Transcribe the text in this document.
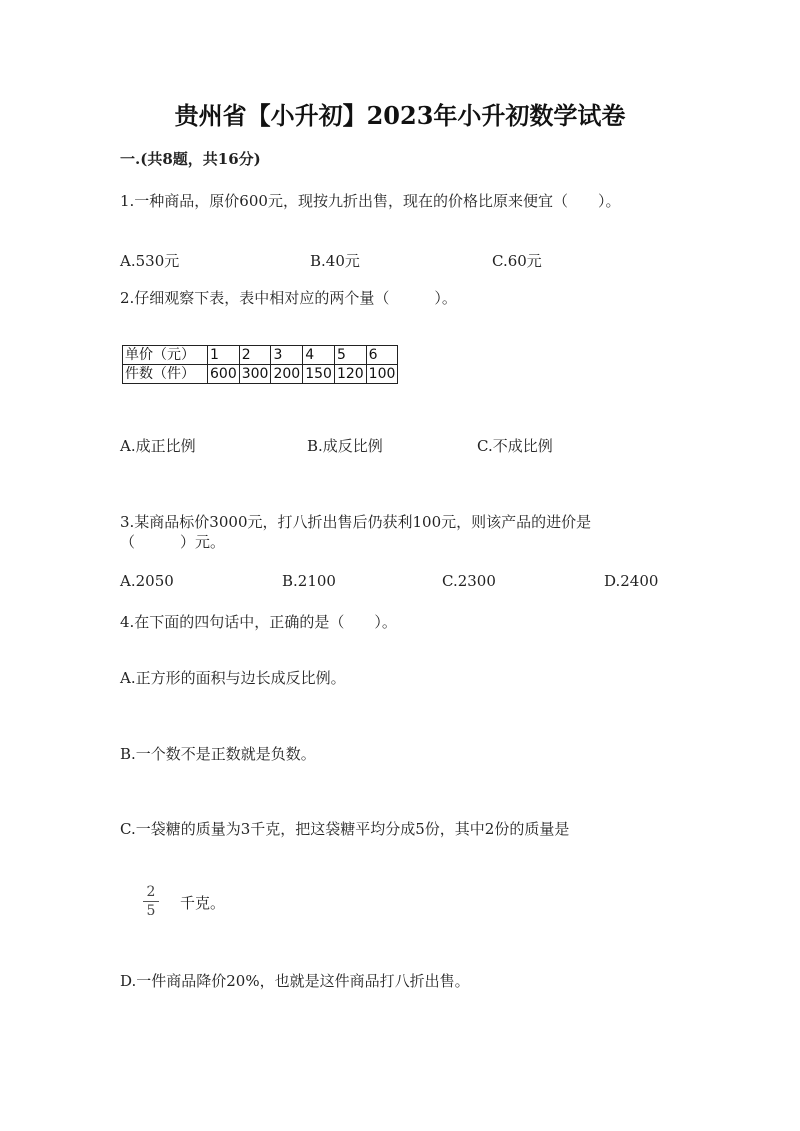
贵州省【小升初】2023年小升初数学试卷
一.(共8题，共16分)
1.一种商品，原价600元，现按九折出售，现在的价格比原来便宜（　　）。
A.530元	B.40元	C.60元
2.仔细观察下表，表中相对应的两个量（　　　）。
单价（元）	1	2	3	4	5	6
件数（件）	600	300	200	150	120	100
A.成正比例	B.成反比例	C.不成比例
3.某商品标价3000元，打八折出售后仍获利100元，则该产品的进价是
（　　　）元。
A.2050	B.2100	C.2300	D.2400
4.在下面的四句话中，正确的是（　　）。
A.正方形的面积与边长成反比例。
B.一个数不是正数就是负数。
C.一袋糖的质量为3千克，把这袋糖平均分成5份，其中2份的质量是
2
5 千克。
D.一件商品降价20%，也就是这件商品打八折出售。
